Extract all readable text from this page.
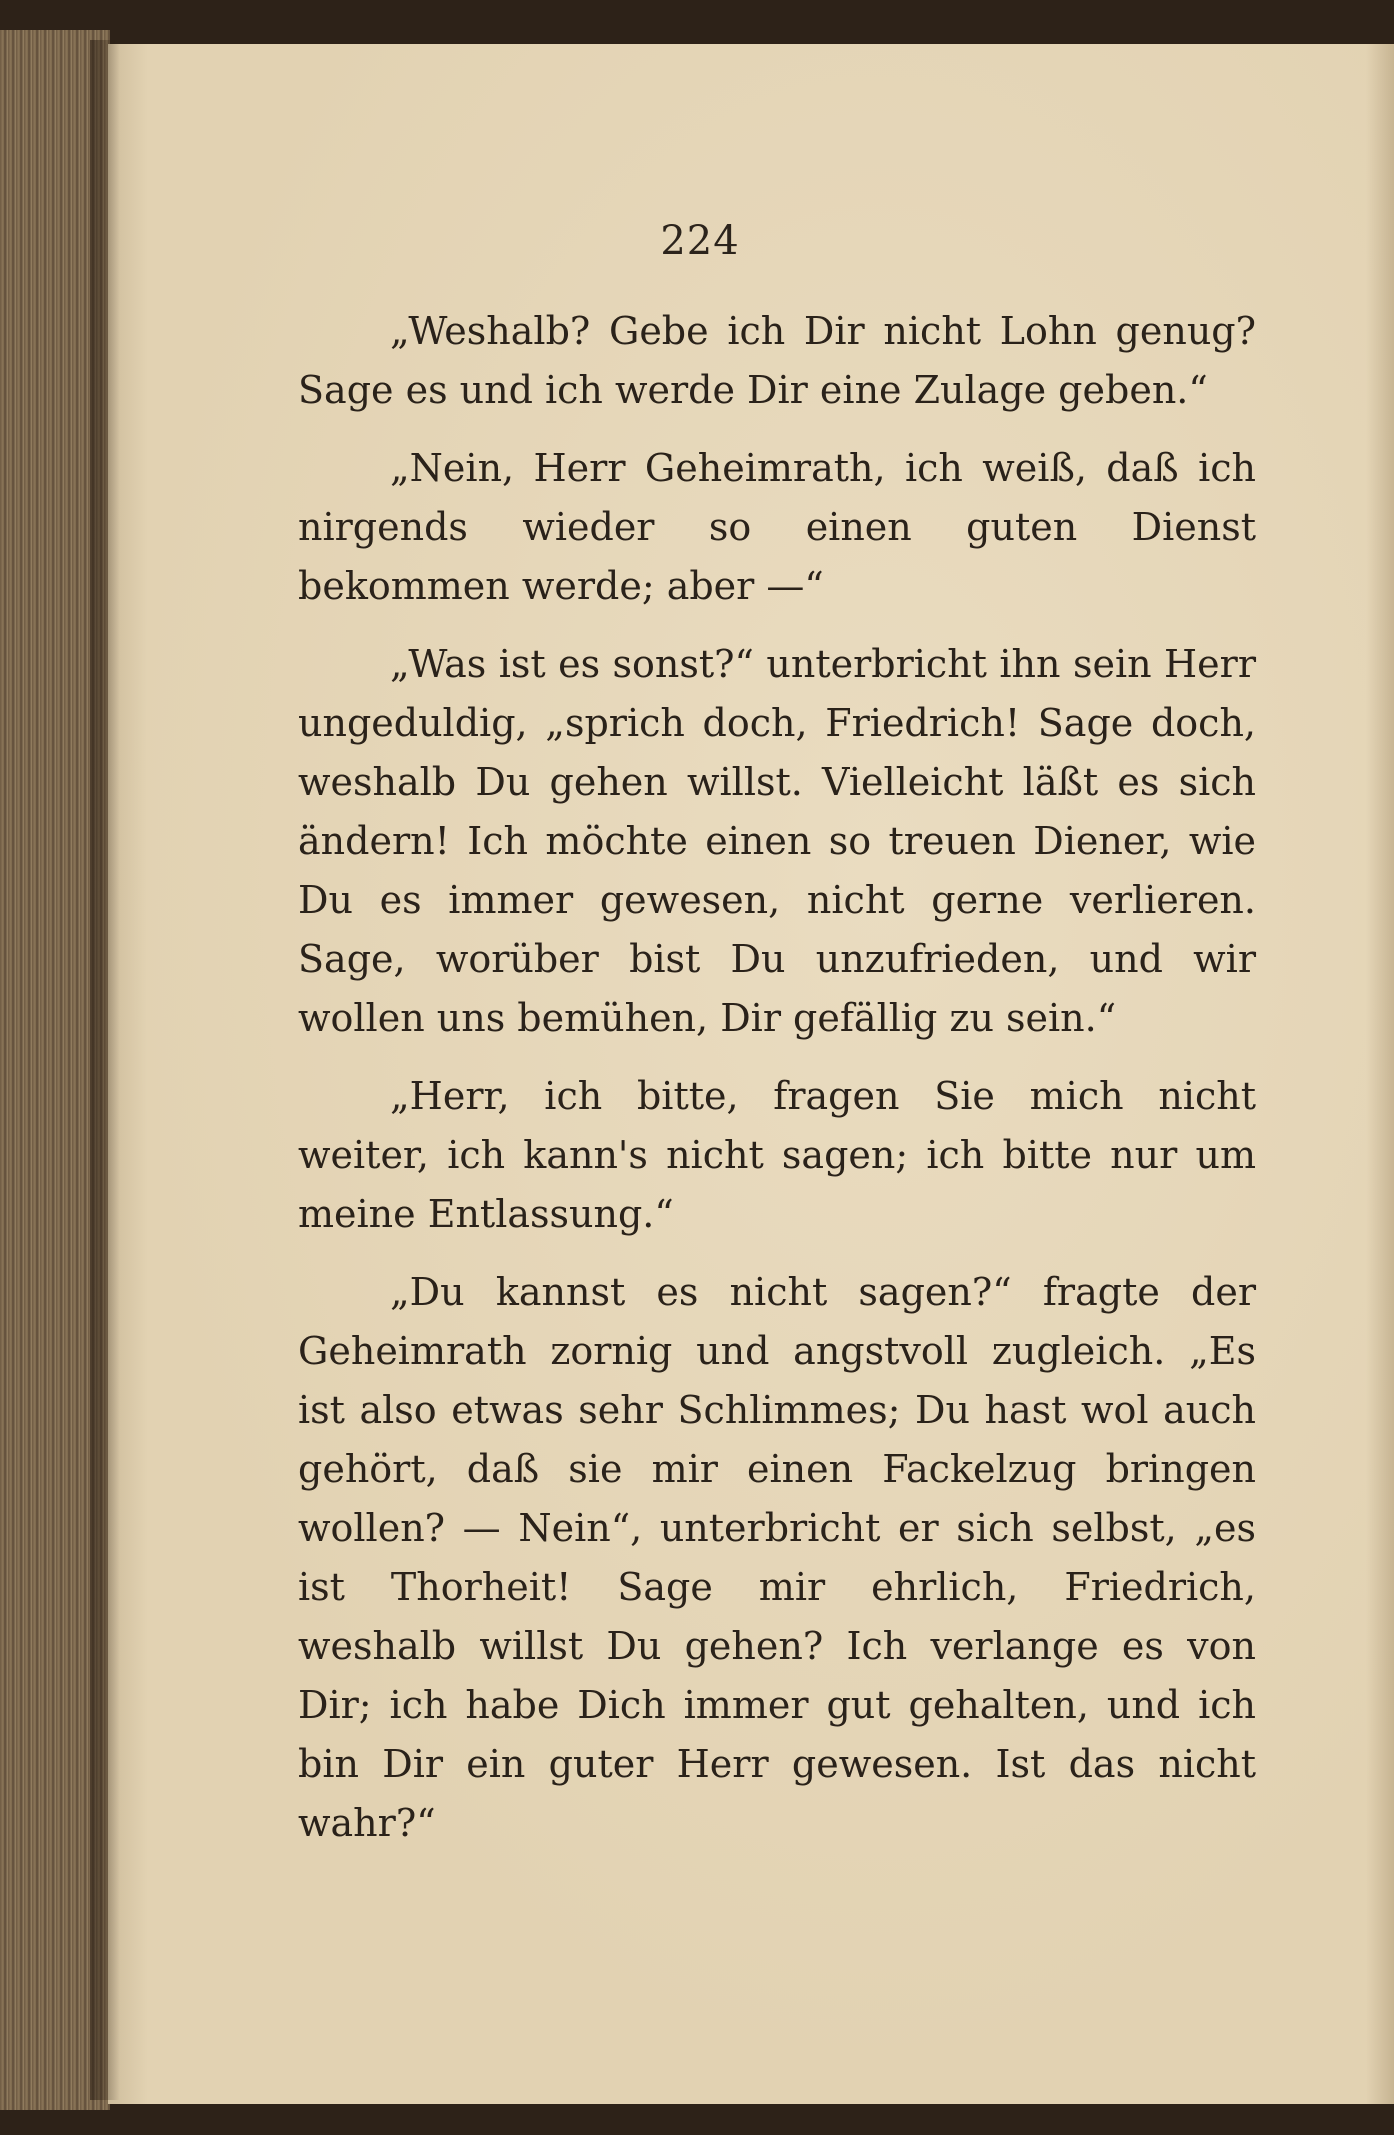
224

„Weshalb? Gebe ich Dir nicht Lohn genug? Sage es und ich werde Dir eine Zulage geben.“

„Nein, Herr Geheimrath, ich weiß, daß ich nirgends wieder so einen guten Dienst bekommen werde; aber —“

„Was ist es sonst?“ unterbricht ihn sein Herr ungeduldig, „sprich doch, Friedrich! Sage doch, weshalb Du gehen willst. Vielleicht läßt es sich ändern! Ich möchte einen so treuen Diener, wie Du es immer gewesen, nicht gerne verlieren. Sage, worüber bist Du unzufrieden, und wir wollen uns bemühen, Dir gefällig zu sein.“

„Herr, ich bitte, fragen Sie mich nicht weiter, ich kann's nicht sagen; ich bitte nur um meine Entlassung.“

„Du kannst es nicht sagen?“ fragte der Geheimrath zornig und angstvoll zugleich. „Es ist also etwas sehr Schlimmes; Du hast wol auch gehört, daß sie mir einen Fackelzug bringen wollen? — Nein“, unterbricht er sich selbst, „es ist Thorheit! Sage mir ehrlich, Friedrich, weshalb willst Du gehen? Ich verlange es von Dir; ich habe Dich immer gut gehalten, und ich bin Dir ein guter Herr gewesen. Ist das nicht wahr?“
